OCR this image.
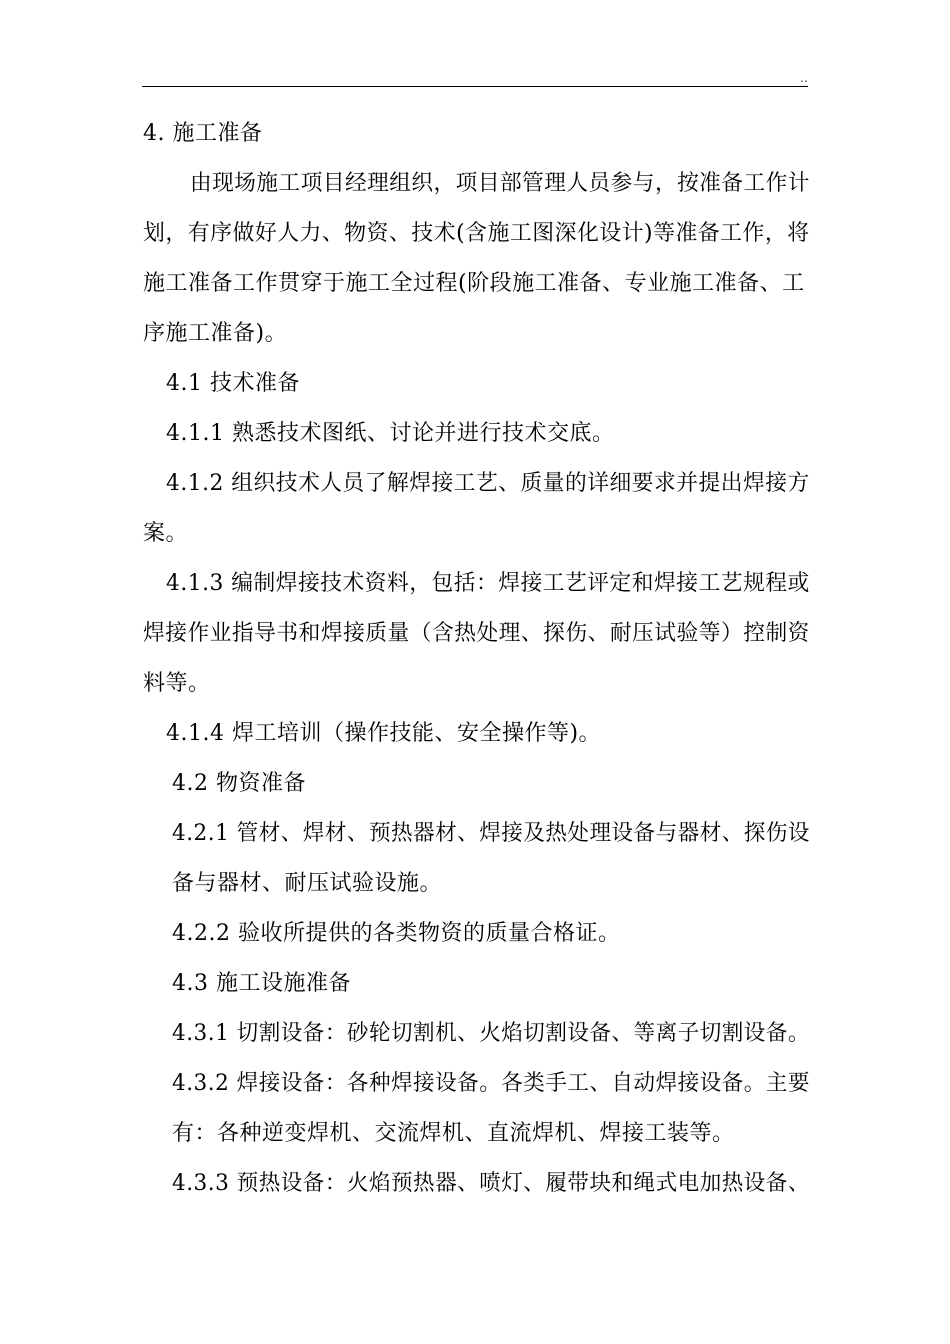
..
4. 施工准备
由现场施工项目经理组织，项目部管理人员参与，按准备工作计
划，有序做好人力、物资、技术(含施工图深化设计)等准备工作，将
施工准备工作贯穿于施工全过程(阶段施工准备、专业施工准备、工
序施工准备)。
4.1 技术准备
4.1.1 熟悉技术图纸、讨论并进行技术交底。
4.1.2 组织技术人员了解焊接工艺、质量的详细要求并提出焊接方
案。
4.1.3 编制焊接技术资料，包括：焊接工艺评定和焊接工艺规程或
焊接作业指导书和焊接质量（含热处理、探伤、耐压试验等）控制资
料等。
4.1.4 焊工培训（操作技能、安全操作等)。
4.2 物资准备
4.2.1 管材、焊材、预热器材、焊接及热处理设备与器材、探伤设
备与器材、耐压试验设施。
4.2.2 验收所提供的各类物资的质量合格证。
4.3 施工设施准备
4.3.1 切割设备：砂轮切割机、火焰切割设备、等离子切割设备。
4.3.2 焊接设备：各种焊接设备。各类手工、自动焊接设备。主要
有：各种逆变焊机、交流焊机、直流焊机、焊接工装等。
4.3.3 预热设备：火焰预热器、喷灯、履带块和绳式电加热设备、
